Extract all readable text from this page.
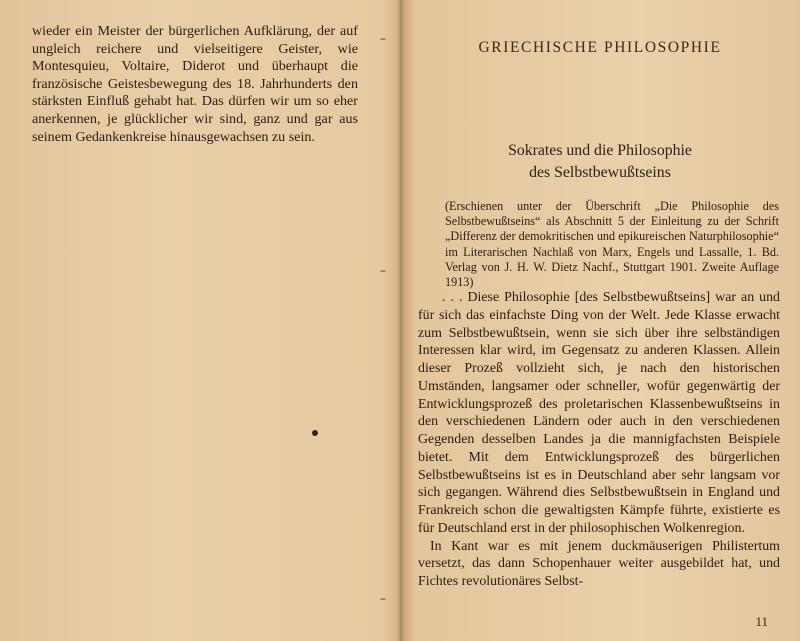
wieder ein Meister der bürgerlichen Aufklärung, der auf ungleich reichere und vielseitigere Geister, wie Montesquieu, Voltaire, Diderot und überhaupt die französische Geistesbewegung des 18. Jahrhunderts den stärksten Einfluß gehabt hat. Das dürfen wir um so eher anerkennen, je glücklicher wir sind, ganz und gar aus seinem Gedankenkreise hinausgewachsen zu sein.

GRIECHISCHE PHILOSOPHIE
Sokrates und die Philosophie
des Selbstbewußtseins
(Erschienen unter der Überschrift „Die Philosophie des Selbstbewußtseins“ als Abschnitt 5 der Einleitung zu der Schrift „Differenz der demokritischen und epikureischen Naturphilosophie“ im Literarischen Nachlaß von Marx, Engels und Lassalle, 1. Bd. Verlag von J. H. W. Dietz Nachf., Stuttgart 1901. Zweite Auflage 1913)

. . . Diese Philosophie [des Selbstbewußtseins] war an und für sich das einfachste Ding von der Welt. Jede Klasse erwacht zum Selbstbewußtsein, wenn sie sich über ihre selbständigen Interessen klar wird, im Gegensatz zu anderen Klassen. Allein dieser Prozeß vollzieht sich, je nach den historischen Umständen, langsamer oder schneller, wofür gegenwärtig der Entwicklungsprozeß des proletarischen Klassenbewußtseins in den verschiedenen Ländern oder auch in den verschiedenen Gegenden desselben Landes ja die mannigfachsten Beispiele bietet. Mit dem Entwicklungsprozeß des bürgerlichen Selbstbewußtseins ist es in Deutschland aber sehr langsam vor sich gegangen. Während dies Selbstbewußtsein in England und Frankreich schon die gewaltigsten Kämpfe führte, existierte es für Deutschland erst in der philosophischen Wolkenregion.

In Kant war es mit jenem duckmäuserigen Philistertum versetzt, das dann Schopenhauer weiter ausgebildet hat, und Fichtes revolutionäres Selbst-

11
